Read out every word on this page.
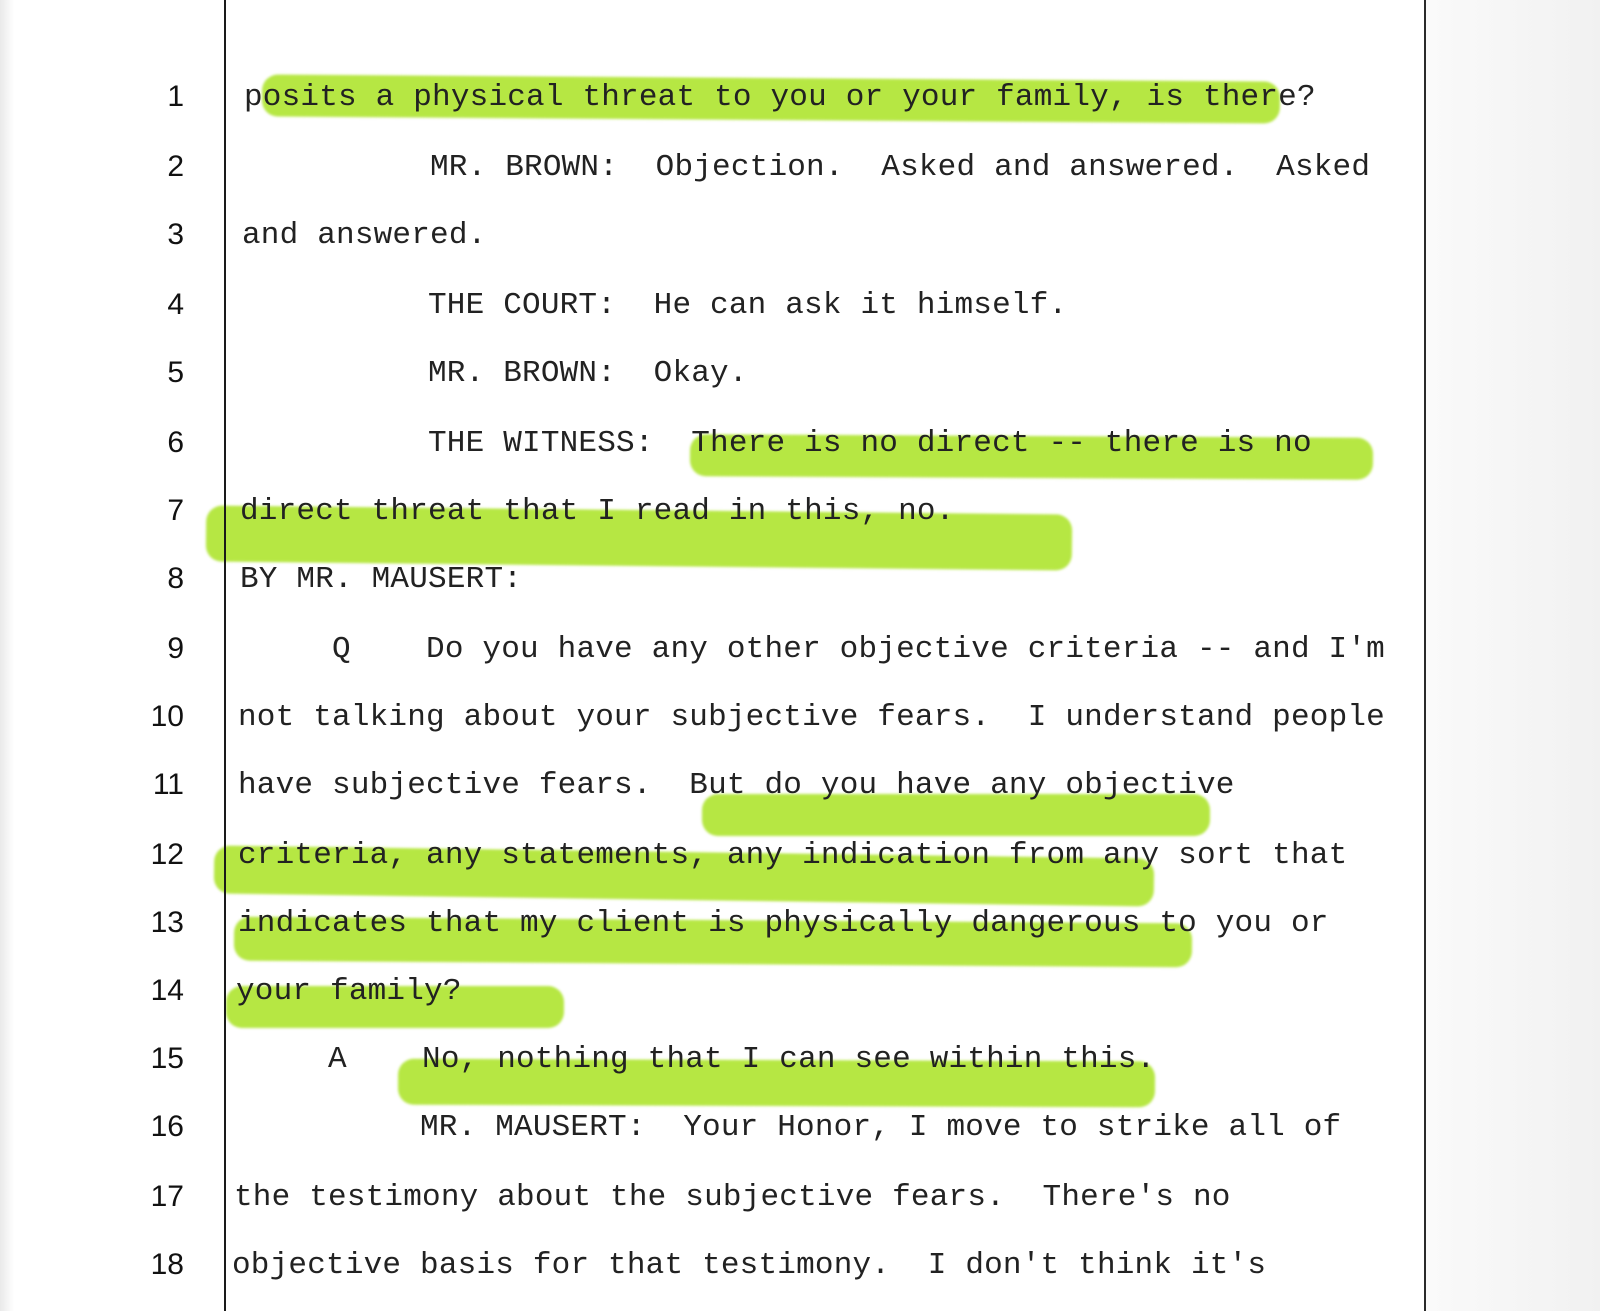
1 posits a physical threat to you or your family, is there?
2	MR. BROWN:  Objection.  Asked and answered.  Asked
3 and answered.
4	THE COURT:  He can ask it himself.
5	MR. BROWN:  Okay.
6	THE WITNESS:  There is no direct -- there is no
7 direct threat that I read in this, no.
8 BY MR. MAUSERT:
9	Q    Do you have any other objective criteria -- and I'm
10 not talking about your subjective fears.  I understand people
11 have subjective fears.  But do you have any objective
12 criteria, any statements, any indication from any sort that
13 indicates that my client is physically dangerous to you or
14 your family?
15	A    No, nothing that I can see within this.
16	MR. MAUSERT:  Your Honor, I move to strike all of
17 the testimony about the subjective fears.  There's no
18 objective basis for that testimony.  I don't think it's
